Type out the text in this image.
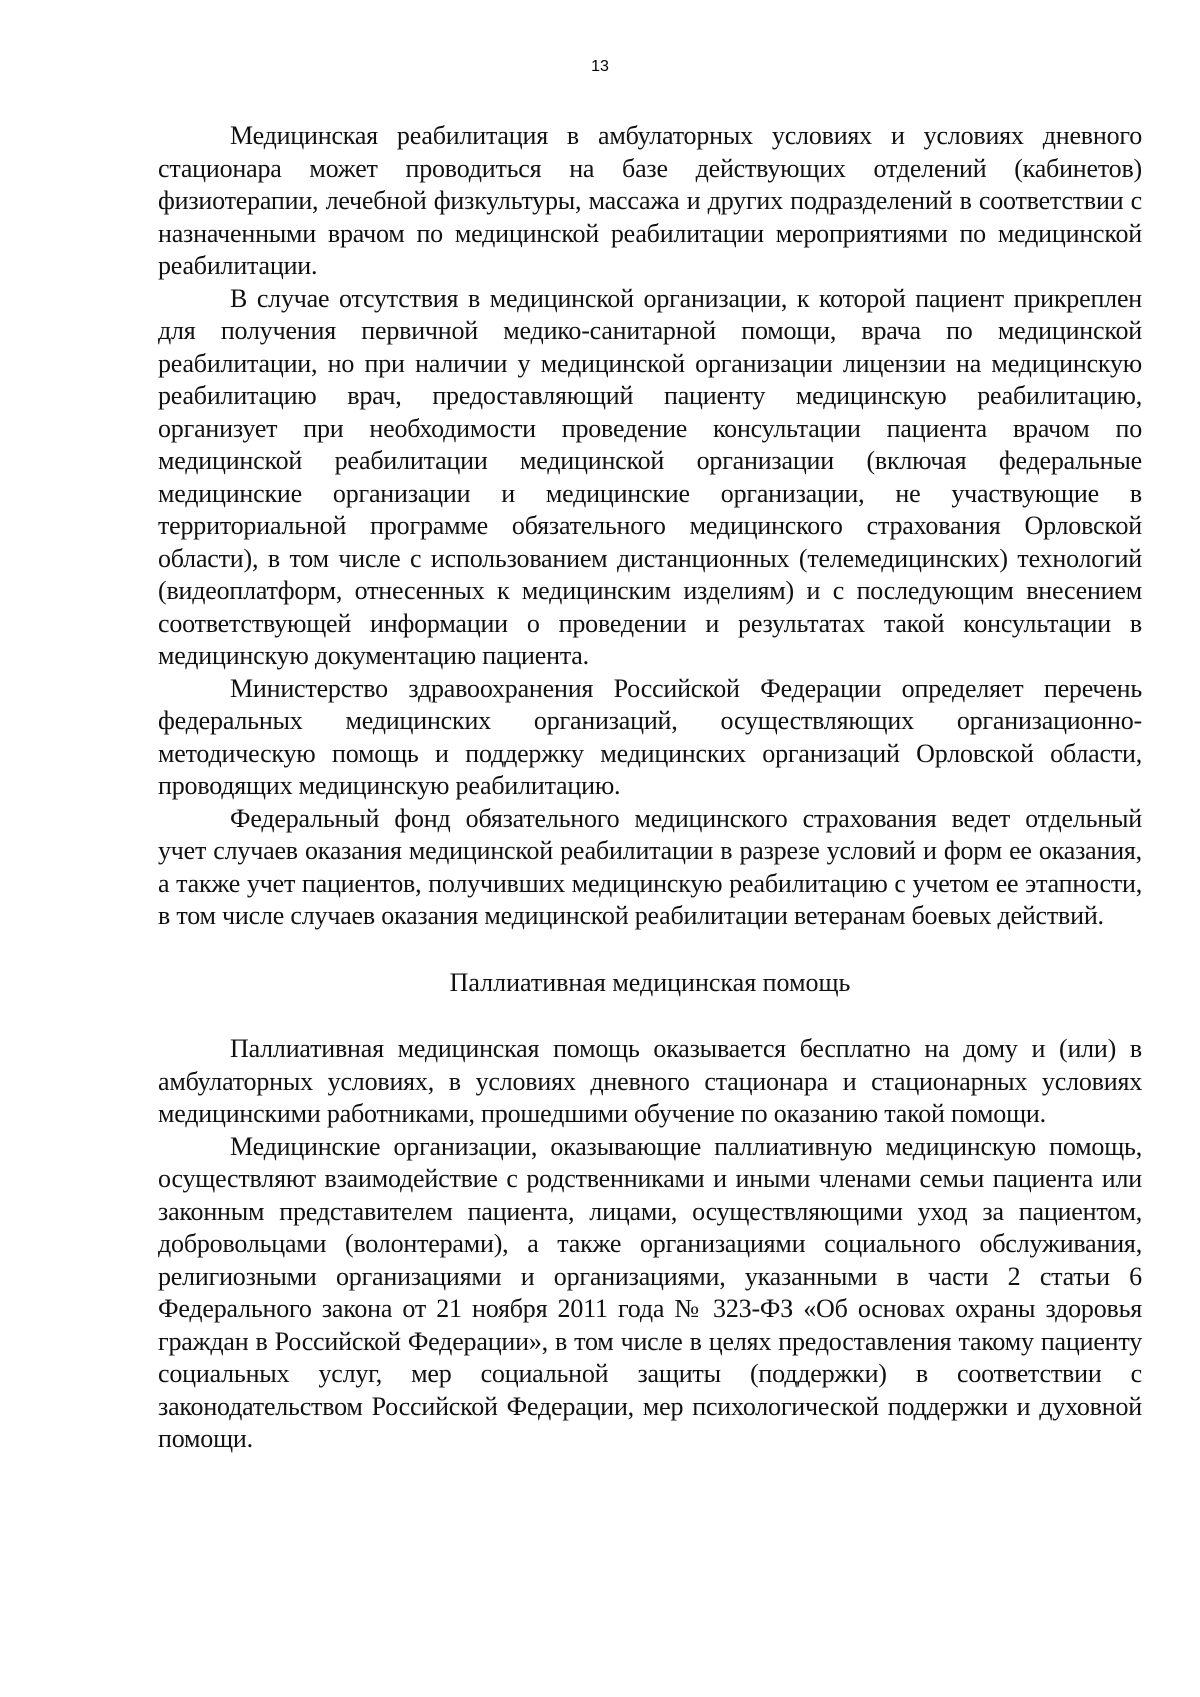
13

Медицинская реабилитация в амбулаторных условиях и условиях дневного стационара может проводиться на базе действующих отделений (кабинетов) физиотерапии, лечебной физкультуры, массажа и других подразделений в соответствии с назначенными врачом по медицинской реабилитации мероприятиями по медицинской реабилитации.

В случае отсутствия в медицинской организации, к которой пациент прикреплен для получения первичной медико-санитарной помощи, врача по медицинской реабилитации, но при наличии у медицинской организации лицензии на медицинскую реабилитацию врач, предоставляющий пациенту медицинскую реабилитацию, организует при необходимости проведение консультации пациента врачом по медицинской реабилитации медицинской организации (включая федеральные медицинские организации и медицинские организации, не участвующие в территориальной программе обязательного медицинского страхования Орловской области), в том числе с использованием дистанционных (телемедицинских) технологий (видеоплатформ, отнесенных к медицинским изделиям) и с последующим внесением соответствующей информации о проведении и результатах такой консультации в медицинскую документацию пациента.

Министерство здравоохранения Российской Федерации определяет перечень федеральных медицинских организаций, осуществляющих организационно-методическую помощь и поддержку медицинских организаций Орловской области, проводящих медицинскую реабилитацию.

Федеральный фонд обязательного медицинского страхования ведет отдельный учет случаев оказания медицинской реабилитации в разрезе условий и форм ее оказания, а также учет пациентов, получивших медицинскую реабилитацию с учетом ее этапности, в том числе случаев оказания медицинской реабилитации ветеранам боевых действий.

Паллиативная медицинская помощь

Паллиативная медицинская помощь оказывается бесплатно на дому и (или) в амбулаторных условиях, в условиях дневного стационара и стационарных условиях медицинскими работниками, прошедшими обучение по оказанию такой помощи.

Медицинские организации, оказывающие паллиативную медицинскую помощь, осуществляют взаимодействие с родственниками и иными членами семьи пациента или законным представителем пациента, лицами, осуществляющими уход за пациентом, добровольцами (волонтерами), а также организациями социального обслуживания, религиозными организациями и организациями, указанными в части 2 статьи 6 Федерального закона от 21 ноября 2011 года № 323-ФЗ «Об основах охраны здоровья граждан в Российской Федерации», в том числе в целях предоставления такому пациенту социальных услуг, мер социальной защиты (поддержки) в соответствии с законодательством Российской Федерации, мер психологической поддержки и духовной помощи.
